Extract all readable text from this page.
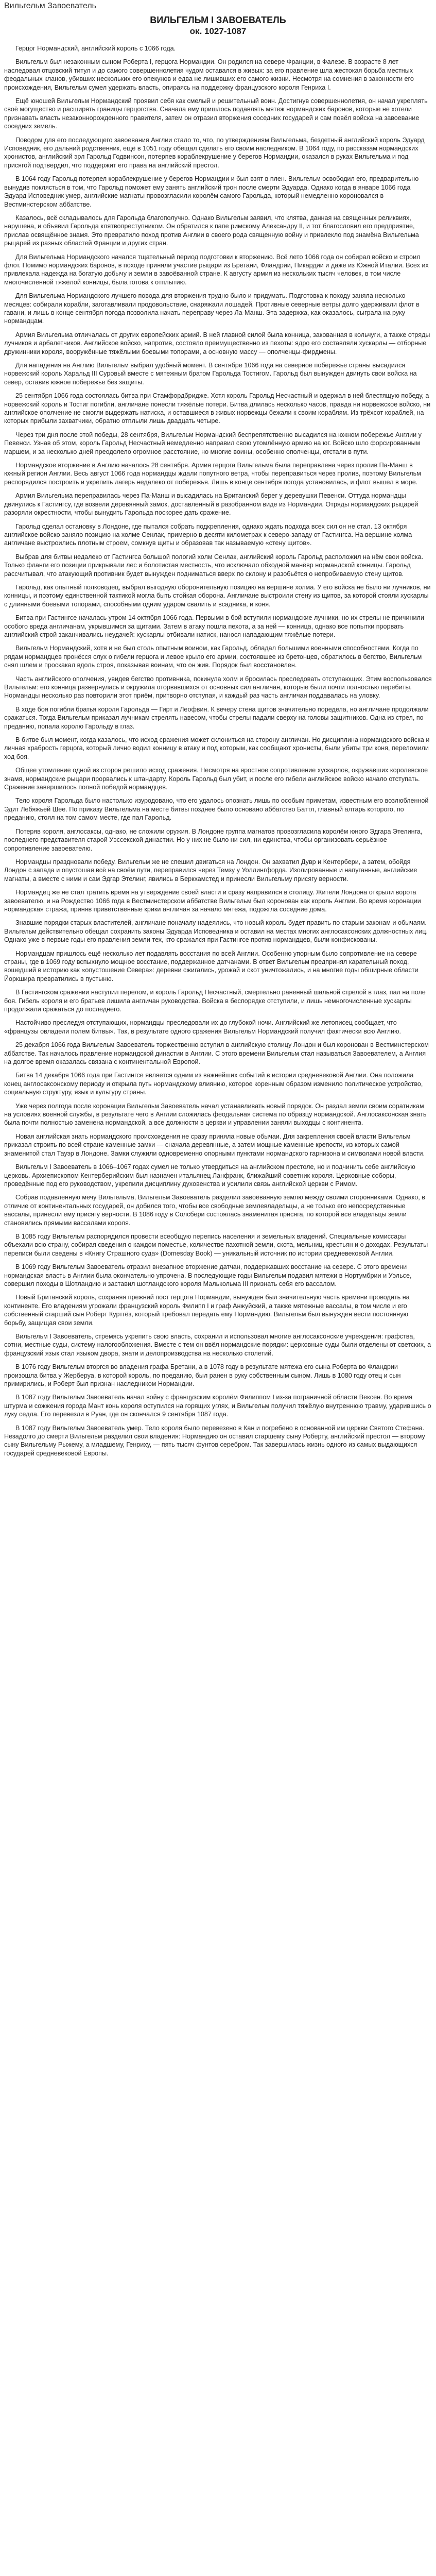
Вильгельм Завоеватель
ВИЛЬГЕЛЬМ I ЗАВОЕВАТЕЛЬ
ок. 1027-1087

Герцог Нормандский, английский король с 1066 года.

Вильгельм был незаконным сыном Роберта I, герцога Нормандии. Он родился на севере Франции, в Фалезе. В возрасте 8 лет наследовал отцовский титул и до самого совершеннолетия чудом оставался в живых: за его правление шла жестокая борьба местных феодальных кланов, убивших нескольких его опекунов и едва не лишивших его самого жизни. Несмотря на сомнения в законности его происхождения, Вильгельм сумел удержать власть, опираясь на поддержку французского короля Генриха I.

Ещё юношей Вильгельм Нормандский проявил себя как смелый и решительный воин. Достигнув совершеннолетия, он начал укреплять своё могущество и расширять границы герцогства. Сначала ему пришлось подавлять мятеж нормандских баронов, которые не хотели признавать власть незаконнорожденного правителя, затем он отразил вторжения соседних государей и сам повёл войска на завоевание соседних земель.

Поводом для его последующего завоевания Англии стало то, что, по утверждениям Вильгельма, бездетный английский король Эдуард Исповедник, его дальний родственник, ещё в 1051 году обещал сделать его своим наследником. В 1064 году, по рассказам нормандских хронистов, английский эрл Гарольд Годвинсон, потерпев кораблекрушение у берегов Нормандии, оказался в руках Вильгельма и под присягой подтвердил, что поддержит его права на английский престол.

В 1064 году Гарольд потерпел кораблекрушение у берегов Нормандии и был взят в плен. Вильгельм освободил его, предварительно вынудив поклясться в том, что Гарольд поможет ему занять английский трон после смерти Эдуарда. Однако когда в январе 1066 года Эдуард Исповедник умер, английские магнаты провозгласили королём самого Гарольда, который немедленно короновался в Вестминстерском аббатстве.

Казалось, всё складывалось для Гарольда благополучно. Однако Вильгельм заявил, что клятва, данная на священных реликвиях, нарушена, и объявил Гарольда клятвопреступником. Он обратился к папе римскому Александру II, и тот благословил его предприятие, прислав освящённое знамя. Это превратило поход против Англии в своего рода священную войну и привлекло под знамёна Вильгельма рыцарей из разных областей Франции и других стран.

Для Вильгельма Нормандского начался тщательный период подготовки к вторжению. Всё лето 1066 года он собирал войско и строил флот. Помимо нормандских баронов, в походе приняли участие рыцари из Бретани, Фландрии, Пикардии и даже из Южной Италии. Всех их привлекала надежда на богатую добычу и земли в завоёванной стране. К августу армия из нескольких тысяч человек, в том числе многочисленной тяжёлой конницы, была готова к отплытию.

Для Вильгельма Нормандского лучшего повода для вторжения трудно было и придумать. Подготовка к походу заняла несколько месяцев: собирали корабли, заготавливали продовольствие, снаряжали лошадей. Противные северные ветры долго удерживали флот в гавани, и лишь в конце сентября погода позволила начать переправу через Ла-Манш. Эта задержка, как оказалось, сыграла на руку нормандцам.

Армия Вильгельма отличалась от других европейских армий. В ней главной силой была конница, закованная в кольчуги, а также отряды лучников и арбалетчиков. Английское войско, напротив, состояло преимущественно из пехоты: ядро его составляли хускарлы — отборные дружинники короля, вооружённые тяжёлыми боевыми топорами, а основную массу — ополченцы-фирдмены.

Для нападения на Англию Вильгельм выбрал удобный момент. В сентябре 1066 года на северное побережье страны высадился норвежский король Харальд III Суровый вместе с мятежным братом Гарольда Тостигом. Гарольд был вынужден двинуть свои войска на север, оставив южное побережье без защиты.

25 сентября 1066 года состоялась битва при Стамфордбридже. Хотя король Гарольд Несчастный и одержал в ней блестящую победу, а норвежский король и Тостиг погибли, англичане понесли тяжёлые потери. Битва длилась несколько часов, правда ни норвежское войско, ни английское ополчение не смогли выдержать натиска, и оставшиеся в живых норвежцы бежали к своим кораблям. Из трёхсот кораблей, на которых прибыли захватчики, обратно отплыли лишь двадцать четыре.

Через три дня после этой победы, 28 сентября, Вильгельм Нормандский беспрепятственно высадился на южном побережье Англии у Певенси. Узнав об этом, король Гарольд Несчастный немедленно направил свою утомлённую армию на юг. Войско шло форсированным маршем, и за несколько дней преодолело огромное расстояние, но многие воины, особенно ополченцы, отстали в пути.

Нормандское вторжение в Англию началось 28 сентября. Армия герцога Вильгельма была переправлена через пролив Па-Манш в южный регион Англии. Весь август 1066 года нормандцы ждали попутного ветра, чтобы переправиться через пролив, поэтому Вильгельм распорядился построить и укрепить лагерь недалеко от побережья. Лишь в конце сентября погода установилась, и флот вышел в море.

Армия Вильгельма переправилась через Па-Манш и высадилась на Британский берег у деревушки Певенси. Оттуда нормандцы двинулись к Гастингсу, где возвели деревянный замок, доставленный в разобранном виде из Нормандии. Отряды нормандских рыцарей разоряли окрестности, чтобы вынудить Гарольда поскорее дать сражение.

Гарольд сделал остановку в Лондоне, где пытался собрать подкрепления, однако ждать подхода всех сил он не стал. 13 октября английское войско заняло позицию на холме Сенлак, примерно в десяти километрах к северо-западу от Гастингса. На вершине холма англичане выстроились плотным строем, сомкнув щиты и образовав так называемую «стену щитов».

Выбрав для битвы недалеко от Гастингса большой пологий холм Сенлак, английский король Гарольд расположил на нём свои войска. Только фланги его позиции прикрывали лес и болотистая местность, что исключало обходной манёвр нормандской конницы. Гарольд рассчитывал, что атакующий противник будет вынужден подниматься вверх по склону и разобьётся о непробиваемую стену щитов.

Гарольд, как опытный полководец, выбрал выгодную оборонительную позицию на вершине холма. У его войска не было ни лучников, ни конницы, и поэтому единственной тактикой могла быть стойкая оборона. Англичане выстроили стену из щитов, за которой стояли хускарлы с длинными боевыми топорами, способными одним ударом свалить и всадника, и коня.

Битва при Гастингсе началась утром 14 октября 1066 года. Первыми в бой вступили нормандские лучники, но их стрелы не причинили особого вреда англичанам, укрывшимся за щитами. Затем в атаку пошла пехота, а за ней — конница, однако все попытки прорвать английский строй заканчивались неудачей: хускарлы отбивали натиск, нанося нападающим тяжёлые потери.

Вильгельм Нормандский, хотя и не был столь опытным воином, как Гарольд, обладал большими военными способностями. Когда по рядам нормандцев пронёсся слух о гибели герцога и левое крыло его армии, состоявшее из бретонцев, обратилось в бегство, Вильгельм снял шлем и проскакал вдоль строя, показывая воинам, что он жив. Порядок был восстановлен.

Часть английского ополчения, увидев бегство противника, покинула холм и бросилась преследовать отступающих. Этим воспользовался Вильгельм: его конница развернулась и окружила оторвавшихся от основных сил англичан, которые были почти полностью перебиты. Нормандцы несколько раз повторили этот приём, притворно отступая, и каждый раз часть англичан поддавалась на уловку.

В ходе боя погибли братья короля Гарольда — Гирт и Леофвин. К вечеру стена щитов значительно поредела, но англичане продолжали сражаться. Тогда Вильгельм приказал лучникам стрелять навесом, чтобы стрелы падали сверху на головы защитников. Одна из стрел, по преданию, попала королю Гарольду в глаз.

В битве был момент, когда казалось, что исход сражения может склониться на сторону англичан. Но дисциплина нормандского войска и личная храбрость герцога, который лично водил конницу в атаку и под которым, как сообщают хронисты, были убиты три коня, переломили ход боя.

Общее утомление одной из сторон решило исход сражения. Несмотря на яростное сопротивление хускарлов, окружавших королевское знамя, нормандские рыцари прорвались к штандарту. Король Гарольд был убит, и после его гибели английское войско начало отступать. Сражение завершилось полной победой нормандцев.

Тело короля Гарольда было настолько изуродовано, что его удалось опознать лишь по особым приметам, известным его возлюбленной Эдит Лебяжьей Шее. По приказу Вильгельма на месте битвы позднее было основано аббатство Баттл, главный алтарь которого, по преданию, стоял на том самом месте, где пал Гарольд.

Потеряв короля, англосаксы, однако, не сложили оружия. В Лондоне группа магнатов провозгласила королём юного Эдгара Этелинга, последнего представителя старой Уэссекской династии. Но у них не было ни сил, ни единства, чтобы организовать серьёзное сопротивление завоевателю.

Нормандцы праздновали победу. Вильгельм же не спешил двигаться на Лондон. Он захватил Дувр и Кентербери, а затем, обойдя Лондон с запада и опустошая всё на своём пути, переправился через Темзу у Уоллингфорда. Изолированные и напуганные, английские магнаты, а вместе с ними и сам Эдгар Этелинг, явились в Беркхамстед и принесли Вильгельму присягу верности.

Нормандец же не стал тратить время на утверждение своей власти и сразу направился в столицу. Жители Лондона открыли ворота завоевателю, и на Рождество 1066 года в Вестминстерском аббатстве Вильгельм был коронован как король Англии. Во время коронации нормандская стража, приняв приветственные крики англичан за начало мятежа, подожгла соседние дома.

Знавшие порядки старых властителей, англичане поначалу надеялись, что новый король будет править по старым законам и обычаям. Вильгельм действительно обещал сохранить законы Эдуарда Исповедника и оставил на местах многих англосаксонских должностных лиц. Однако уже в первые годы его правления земли тех, кто сражался при Гастингсе против нормандцев, были конфискованы.

Нормандцам пришлось ещё несколько лет подавлять восстания по всей Англии. Особенно упорным было сопротивление на севере страны, где в 1069 году вспыхнуло мощное восстание, поддержанное датчанами. В ответ Вильгельм предпринял карательный поход, вошедший в историю как «опустошение Севера»: деревни сжигались, урожай и скот уничтожались, и на многие годы обширные области Йоркшира превратились в пустыню.

В Гастингском сражении наступил перелом, и король Гарольд Несчастный, смертельно раненный шальной стрелой в глаз, пал на поле боя. Гибель короля и его братьев лишила англичан руководства. Войска в беспорядке отступили, и лишь немногочисленные хускарлы продолжали сражаться до последнего.

Настойчиво преследуя отступающих, нормандцы преследовали их до глубокой ночи. Английский же летописец сообщает, что «французы овладели полем битвы». Так, в результате одного сражения Вильгельм Нормандский получил фактически всю Англию.

25 декабря 1066 года Вильгельм Завоеватель торжественно вступил в английскую столицу Лондон и был коронован в Вестминстерском аббатстве. Так началось правление нормандской династии в Англии. С этого времени Вильгельм стал называться Завоевателем, а Англия на долгое время оказалась связана с континентальной Европой.

Битва 14 декабря 1066 года при Гастингсе является одним из важнейших событий в истории средневековой Англии. Она положила конец англосаксонскому периоду и открыла путь нормандскому влиянию, которое коренным образом изменило политическое устройство, социальную структуру, язык и культуру страны.

Уже через полгода после коронации Вильгельм Завоеватель начал устанавливать новый порядок. Он раздал земли своим соратникам на условиях военной службы, в результате чего в Англии сложилась феодальная система по образцу нормандской. Англосаксонская знать была почти полностью заменена нормандской, а все должности в церкви и управлении заняли выходцы с континента.

Новая английская знать нормандского происхождения не сразу приняла новые обычаи. Для закрепления своей власти Вильгельм приказал строить по всей стране каменные замки — сначала деревянные, а затем мощные каменные крепости, из которых самой знаменитой стал Тауэр в Лондоне. Замки служили одновременно опорными пунктами нормандского гарнизона и символами новой власти.

Вильгельм I Завоеватель в 1066–1067 годах сумел не только утвердиться на английском престоле, но и подчинить себе английскую церковь. Архиепископом Кентерберийским был назначен итальянец Ланфранк, ближайший советник короля. Церковные соборы, проведённые под его руководством, укрепили дисциплину духовенства и усилили связь английской церкви с Римом.

Собрав подавленную мечу Вильгельма, Вильгельм Завоеватель разделил завоёванную землю между своими сторонниками. Однако, в отличие от континентальных государей, он добился того, чтобы все свободные землевладельцы, а не только его непосредственные вассалы, принесли ему присягу верности. В 1086 году в Солсбери состоялась знаменитая присяга, по которой все владельцы земли становились прямыми вассалами короля.

В 1085 году Вильгельм распорядился провести всеобщую перепись населения и земельных владений. Специальные комиссары объехали всю страну, собирая сведения о каждом поместье, количестве пахотной земли, скота, мельниц, крестьян и о доходах. Результаты переписи были сведены в «Книгу Страшного суда» (Domesday Book) — уникальный источник по истории средневековой Англии.

В 1069 году Вильгельм Завоеватель отразил внезапное вторжение датчан, поддержавших восстание на севере. С этого времени нормандская власть в Англии была окончательно упрочена. В последующие годы Вильгельм подавил мятежи в Нортумбрии и Уэльсе, совершил походы в Шотландию и заставил шотландского короля Малькольма III признать себя его вассалом.

Новый Британский король, сохраняя прежний пост герцога Нормандии, вынужден был значительную часть времени проводить на континенте. Его владениям угрожали французский король Филипп I и граф Анжуйский, а также мятежные вассалы, в том числе и его собственный старший сын Роберт Куртгёз, который требовал передать ему Нормандию. Вильгельм был вынужден вести постоянную борьбу, защищая свои земли.

Вильгельм I Завоеватель, стремясь укрепить свою власть, сохранил и использовал многие англосаксонские учреждения: графства, сотни, местные суды, систему налогообложения. Вместе с тем он ввёл нормандские порядки: церковные суды были отделены от светских, а французский язык стал языком двора, знати и делопроизводства на несколько столетий.

В 1076 году Вильгельм вторгся во владения графа Бретани, а в 1078 году в результате мятежа его сына Роберта во Фландрии произошла битва у Жерберуа, в которой король, по преданию, был ранен в руку собственным сыном. Лишь в 1080 году отец и сын примирились, и Роберт был признан наследником Нормандии.

В 1087 году Вильгельм Завоеватель начал войну с французским королём Филиппом I из-за пограничной области Вексен. Во время штурма и сожжения города Мант конь короля оступился на горящих углях, и Вильгельм получил тяжёлую внутреннюю травму, ударившись о луку седла. Его перевезли в Руан, где он скончался 9 сентября 1087 года.

В 1087 году Вильгельм Завоеватель умер. Тело короля было перевезено в Кан и погребено в основанной им церкви Святого Стефана. Незадолго до смерти Вильгельм разделил свои владения: Нормандию он оставил старшему сыну Роберту, английский престол — второму сыну Вильгельму Рыжему, а младшему, Генриху, — пять тысяч фунтов серебром. Так завершилась жизнь одного из самых выдающихся государей средневековой Европы.
